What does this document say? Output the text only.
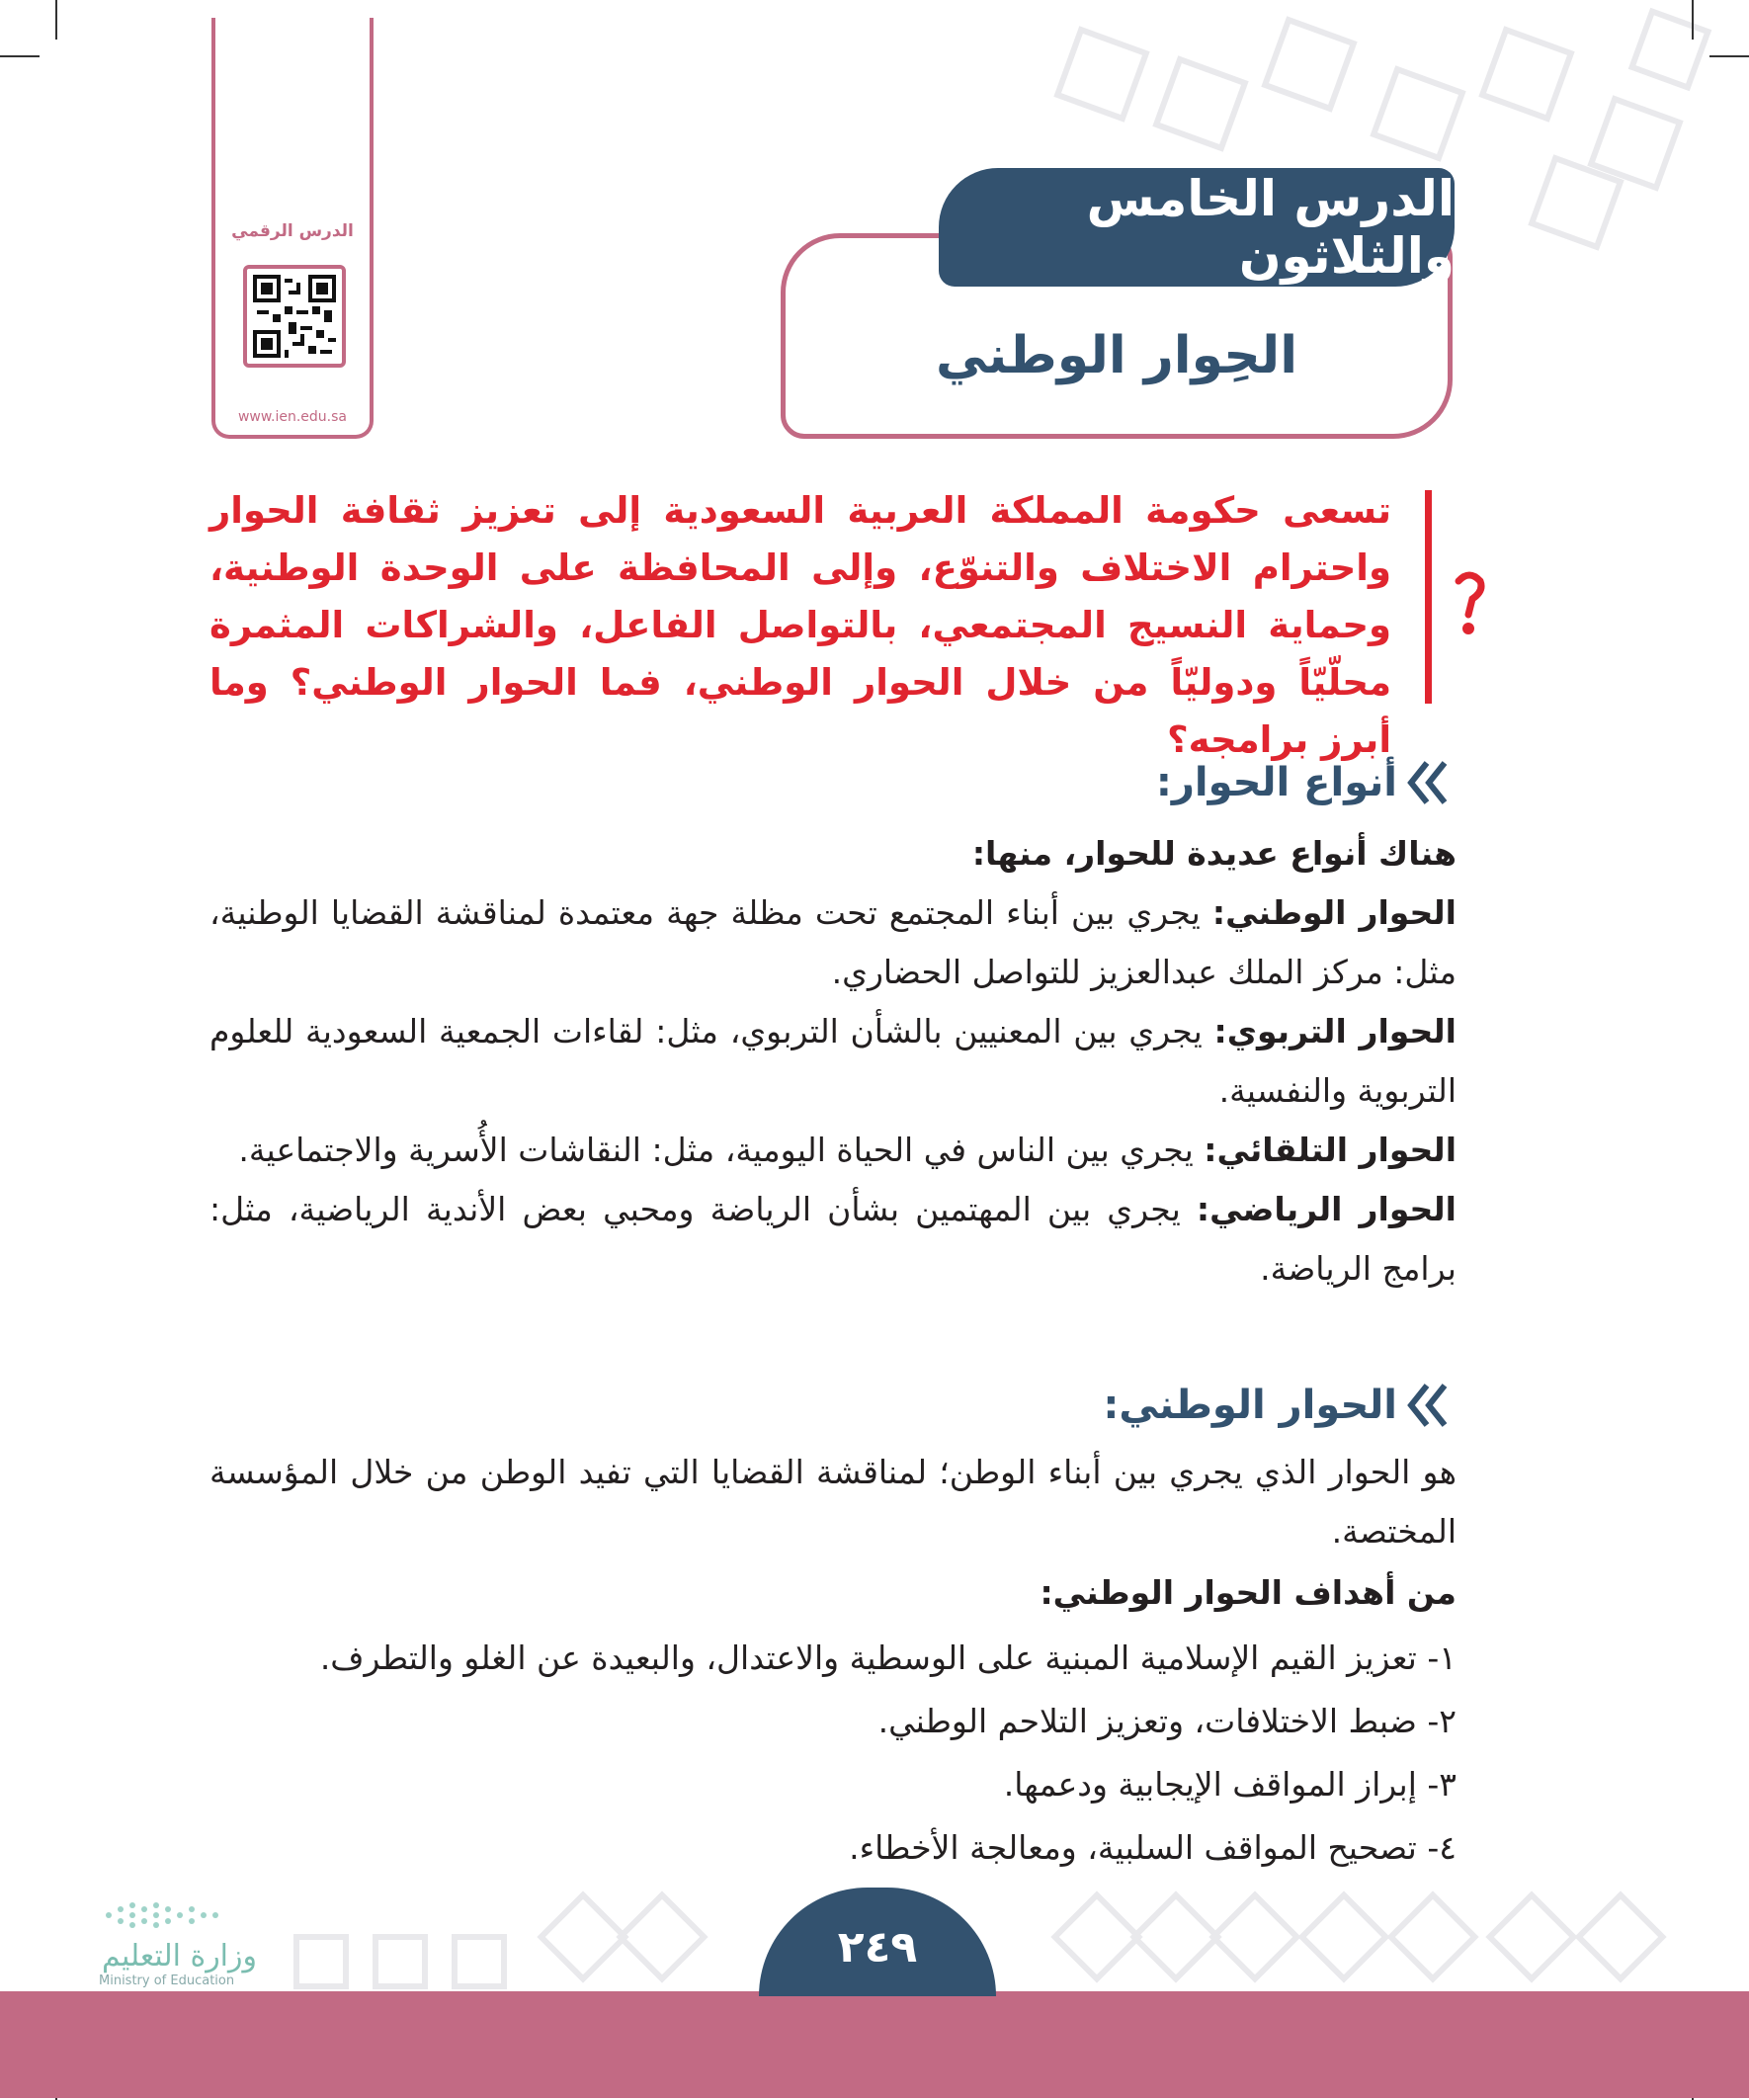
الدرس الرقمي
www.ien.edu.sa
الدرس الخامس والثلاثون
الحِوار الوطني
تسعى حكومة المملكة العربية السعودية إلى تعزيز ثقافة الحوار واحترام الاختلاف والتنوّع، وإلى المحافظة على الوحدة الوطنية، وحماية النسيج المجتمعي، بالتواصل الفاعل، والشراكات المثمرة محلّيّاً ودوليّاً من خلال الحوار الوطني، فما الحوار الوطني؟ وما أبرز برامجه؟
أنواع الحوار:

هناك أنواع عديدة للحوار، منها:

الحوار الوطني: يجري بين أبناء المجتمع تحت مظلة جهة معتمدة لمناقشة القضايا الوطنية، مثل: مركز الملك عبدالعزيز للتواصل الحضاري.

الحوار التربوي: يجري بين المعنيين بالشأن التربوي، مثل: لقاءات الجمعية السعودية للعلوم التربوية والنفسية.

الحوار التلقائي: يجري بين الناس في الحياة اليومية، مثل: النقاشات الأُسرية والاجتماعية.

الحوار الرياضي: يجري بين المهتمين بشأن الرياضة ومحبي بعض الأندية الرياضية، مثل: برامج الرياضة.

الحوار الوطني:
هو الحوار الذي يجري بين أبناء الوطن؛ لمناقشة القضايا التي تفيد الوطن من خلال المؤسسة المختصة.
من أهداف الحوار الوطني:
١- تعزيز القيم الإسلامية المبنية على الوسطية والاعتدال، والبعيدة عن الغلو والتطرف.
٢- ضبط الاختلافات، وتعزيز التلاحم الوطني.
٣- إبراز المواقف الإيجابية ودعمها.
٤- تصحيح المواقف السلبية، ومعالجة الأخطاء.
٢٤٩
وزارة التعليم
Ministry of Education
